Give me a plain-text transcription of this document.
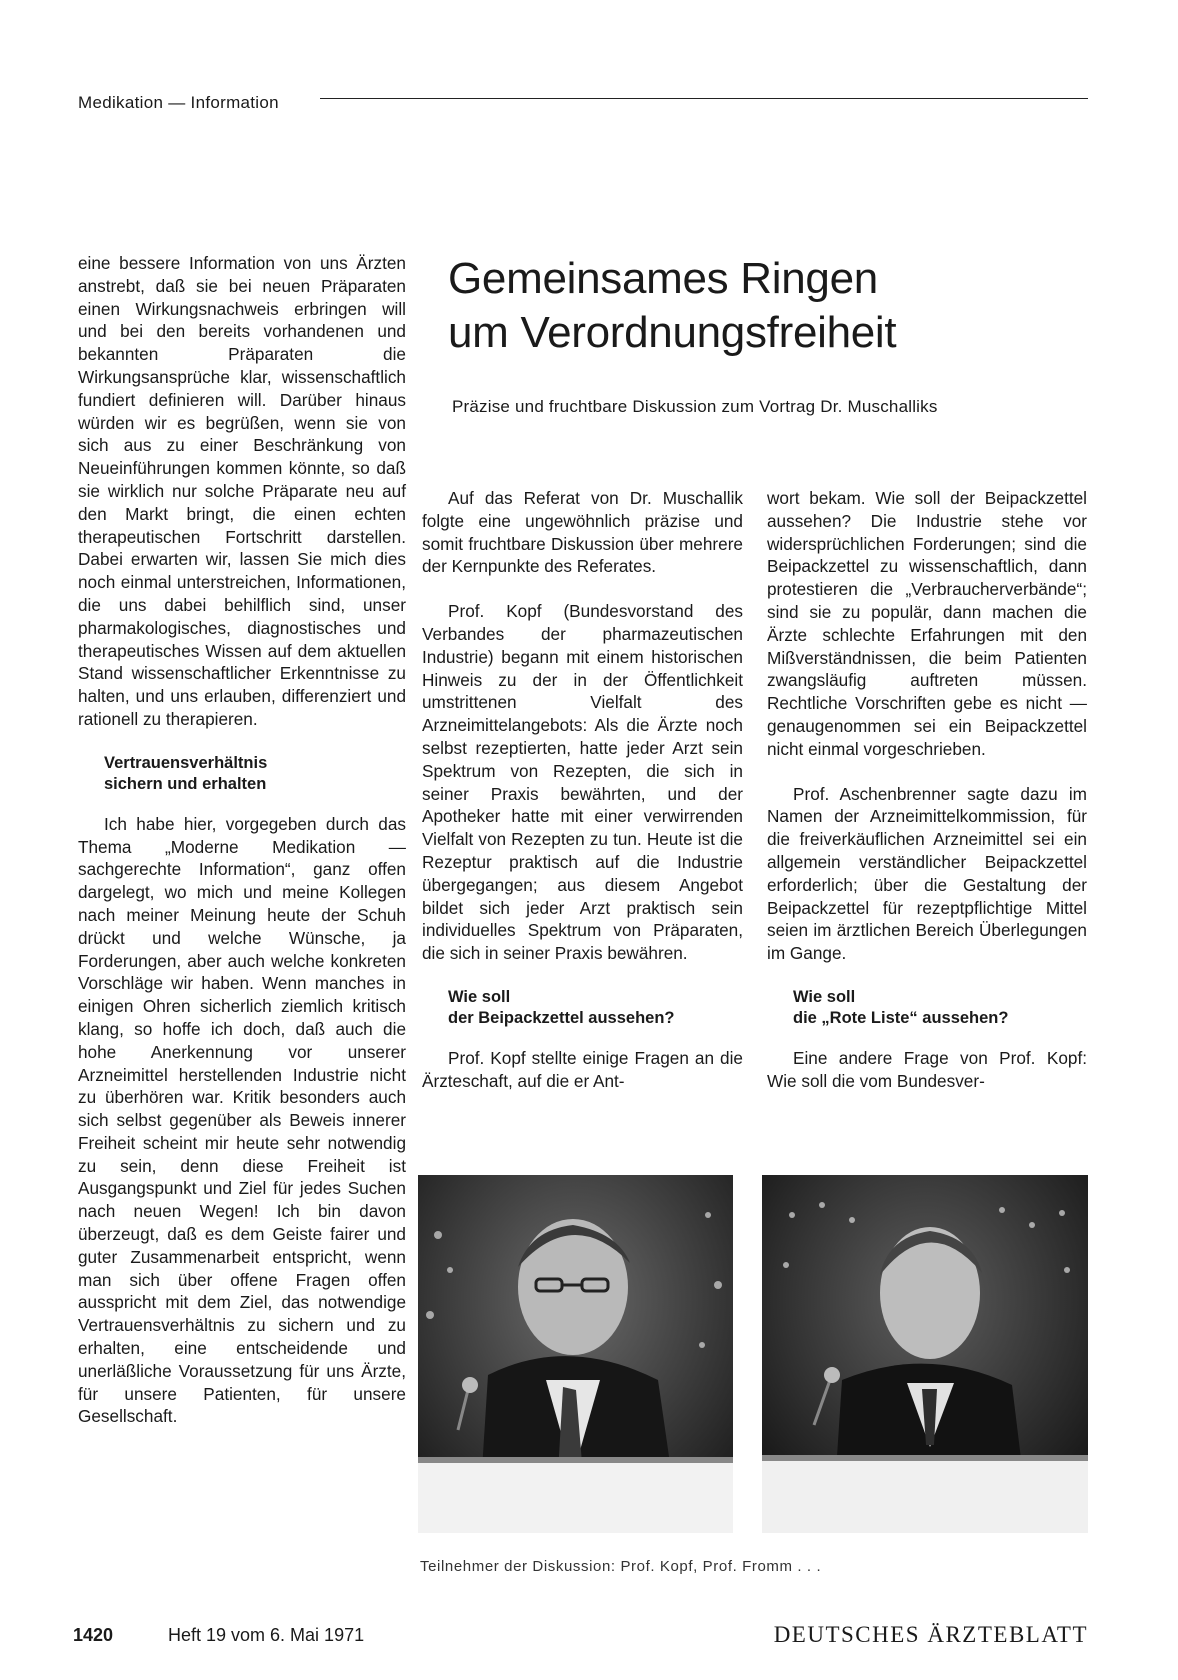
Medikation — Information

eine bessere Information von uns Ärzten anstrebt, daß sie bei neuen Präparaten einen Wirkungsnachweis erbringen will und bei den bereits vorhandenen und bekannten Präparaten die Wirkungsansprüche klar, wissenschaftlich fundiert definieren will. Darüber hinaus würden wir es begrüßen, wenn sie von sich aus zu einer Beschränkung von Neueinführungen kommen könnte, so daß sie wirklich nur solche Präparate neu auf den Markt bringt, die einen echten therapeutischen Fortschritt darstellen. Dabei erwarten wir, lassen Sie mich dies noch einmal unterstreichen, Informationen, die uns dabei behilflich sind, unser pharmakologisches, diagnostisches und therapeutisches Wissen auf dem aktuellen Stand wissenschaftlicher Erkenntnisse zu halten, und uns erlauben, differenziert und rationell zu therapieren.

Vertrauensverhältnis
sichern und erhalten

Ich habe hier, vorgegeben durch das Thema „Moderne Medikation — sachgerechte Information“, ganz offen dargelegt, wo mich und meine Kollegen nach meiner Meinung heute der Schuh drückt und welche Wünsche, ja Forderungen, aber auch welche konkreten Vorschläge wir haben. Wenn manches in einigen Ohren sicherlich ziemlich kritisch klang, so hoffe ich doch, daß auch die hohe Anerkennung vor unserer Arzneimittel herstellenden Industrie nicht zu überhören war. Kritik besonders auch sich selbst gegenüber als Beweis innerer Freiheit scheint mir heute sehr notwendig zu sein, denn diese Freiheit ist Ausgangspunkt und Ziel für jedes Suchen nach neuen Wegen! Ich bin davon überzeugt, daß es dem Geiste fairer und guter Zusammenarbeit entspricht, wenn man sich über offene Fragen offen ausspricht mit dem Ziel, das notwendige Vertrauensverhältnis zu sichern und zu erhalten, eine entscheidende und unerläßliche Voraussetzung für uns Ärzte, für unsere Patienten, für unsere Gesellschaft.

Gemeinsames Ringen
um Verordnungsfreiheit
Präzise und fruchtbare Diskussion zum Vortrag Dr. Muschalliks

Auf das Referat von Dr. Muschallik folgte eine ungewöhnlich präzise und somit fruchtbare Diskussion über mehrere der Kernpunkte des Referates.

Prof. Kopf (Bundesvorstand des Verbandes der pharmazeutischen Industrie) begann mit einem historischen Hinweis zu der in der Öffentlichkeit umstrittenen Vielfalt des Arzneimittelangebots: Als die Ärzte noch selbst rezeptierten, hatte jeder Arzt sein Spektrum von Rezepten, die sich in seiner Praxis bewährten, und der Apotheker hatte mit einer verwirrenden Vielfalt von Rezepten zu tun. Heute ist die Rezeptur praktisch auf die Industrie übergegangen; aus diesem Angebot bildet sich jeder Arzt praktisch sein individuelles Spektrum von Präparaten, die sich in seiner Praxis bewähren.

Wie soll
der Beipackzettel aussehen?

Prof. Kopf stellte einige Fragen an die Ärzteschaft, auf die er Ant-

wort bekam. Wie soll der Beipackzettel aussehen? Die Industrie stehe vor widersprüchlichen Forderungen; sind die Beipackzettel zu wissenschaftlich, dann protestieren die „Verbraucherverbände“; sind sie zu populär, dann machen die Ärzte schlechte Erfahrungen mit den Mißverständnissen, die beim Patienten zwangsläufig auftreten müssen. Rechtliche Vorschriften gebe es nicht — genaugenommen sei ein Beipackzettel nicht einmal vorgeschrieben.

Prof. Aschenbrenner sagte dazu im Namen der Arzneimittelkommission, für die freiverkäuflichen Arzneimittel sei ein allgemein verständlicher Beipackzettel erforderlich; über die Gestaltung der Beipackzettel für rezeptpflichtige Mittel seien im ärztlichen Bereich Überlegungen im Gange.

Wie soll
die „Rote Liste“ aussehen?

Eine andere Frage von Prof. Kopf: Wie soll die vom Bundesver-

Teilnehmer der Diskussion: Prof. Kopf, Prof. Fromm . . .
1420	Heft 19 vom 6. Mai 1971	DEUTSCHES ÄRZTEBLATT
